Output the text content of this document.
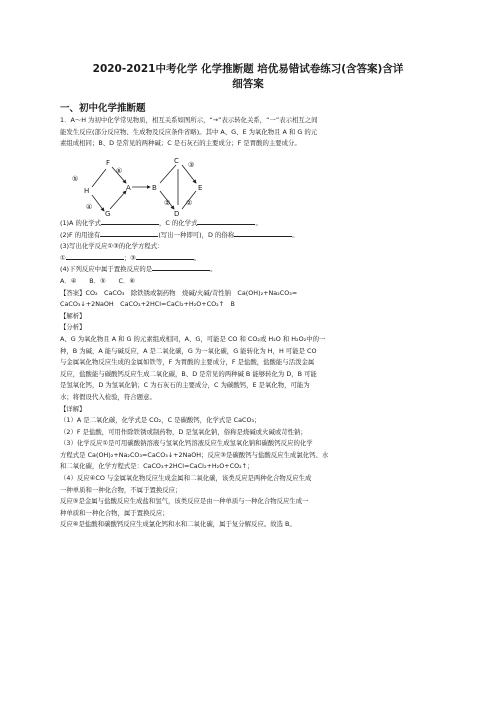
2020-2021中考化学 化学推断题 培优易错试卷练习(含答案)含详
细答案
一、初中化学推断题
1．A～H 为初中化学常见物质，相互关系如图所示，“→”表示转化关系，“一”表示相互之间
能发生反应(部分反应物、生成物及反应条件省略)。其中 A、G、E 为氧化物且 A 和 G 的元
素组成相同；B、D 是常见的两种碱；C 是石灰石的主要成分；F 是胃酸的主要成分。
H
F
G
A	B
C
D
E
⑤
⑥
① ②
③
④
(1)A 的化学式	，C 的化学式	。
(2)F 的用途有	(写出一种即可)，D 的俗称	。
(3)写出化学反应①③的化学方程式：
①	；③	。
(4)下列反应中属于置换反应的是	。
A．④　　B．⑤　　C．⑥
【答案】CO₂　CaCO₃　除铁锈或制药物　烧碱/火碱/苛性钠　Ca(OH)₂+Na₂CO₃=
CaCO₃↓+2NaOH　CaCO₃+2HCl=CaCl₂+H₂O+CO₂↑　B
【解析】
【分析】
A、G 为氧化物且 A 和 G 的元素组成相同，A、G，可能是 CO 和 CO₂或 H₂O 和 H₂O₂中的一
种，B 为碱，A 能与碱反应，A 是二氧化碳，G 为一氧化碳，G 能转化为 H，H 可能是 CO
与金属氧化物反应生成的金属如铁等，F 为胃酸的主要成分，F 是盐酸，盐酸能与活泼金属
反应，盐酸能与碳酸钙反应生成二氧化碳，B、D 是常见的两种碱 B 能够转化为 D，B 可能
是氢氧化钙，D 为氢氧化钠；C 为石灰石的主要成分，C 为碳酸钙，E 是氧化物，可能为
水；将假设代入检验，符合题意。
【详解】
（1）A 是二氧化碳，化学式是 CO₂，C 是碳酸钙，化学式是 CaCO₃；
（2）F 是盐酸，可用作除铁锈或制药物，D 是氢氧化钠，俗称是烧碱或火碱或苛性钠；
（3）化学反应①是可用碳酸钠溶液与氢氧化钙溶液反应生成氢氧化钠和碳酸钙反应的化学
方程式是 Ca(OH)₂+Na₂CO₃=CaCO₃↓+2NaOH；反应③是碳酸钙与盐酸反应生成氯化钙、水
和二氧化碳，化学方程式是：CaCO₃+2HCl=CaCl₂+H₂O+CO₂↑；
（4）反应④CO 与金属氧化物反应生成金属和二氧化碳，该类反应是两种化合物反应生成
一种单质和一种化合物，不属于置换反应；
反应⑤是金属与盐酸反应生成盐和氢气，该类反应是由一种单质与一种化合物反应生成一
种单质和一种化合物，属于置换反应；
反应⑥是盐酸和碳酸钙反应生成氯化钙和水和二氧化碳，属于复分解反应。故选 B。
